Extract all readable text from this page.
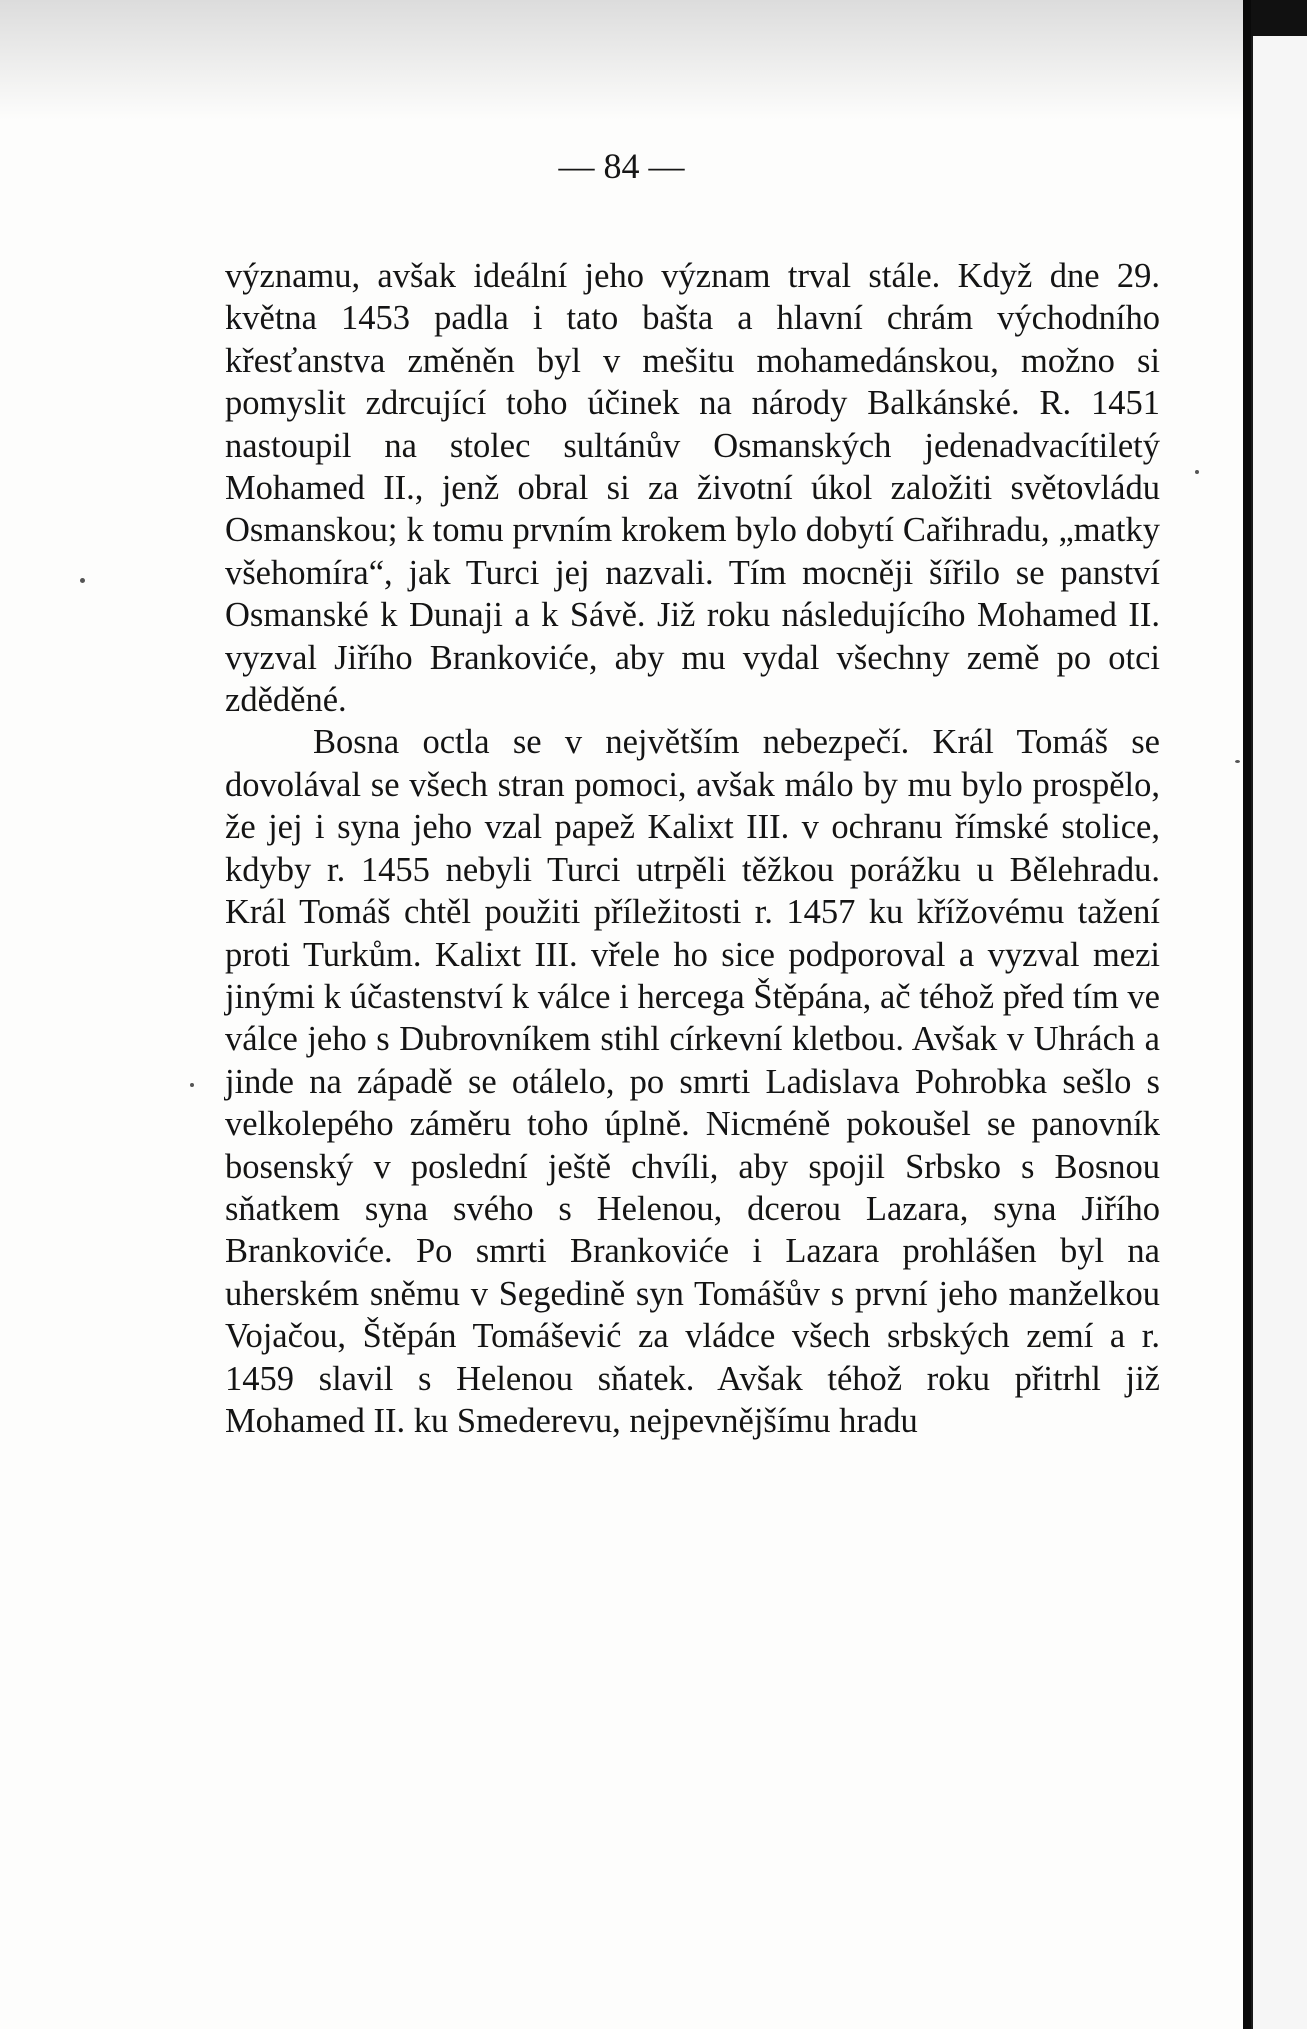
— 84 —

významu, avšak ideální jeho význam trval stále. Když dne 29. května 1453 padla i tato bašta a hlavní chrám východního křesťanstva změněn byl v mešitu mohamedánskou, možno si pomyslit zdrcující toho účinek na národy Balkánské. R. 1451 nastoupil na stolec sultánův Osmanských jedenadvacítiletý Mohamed II., jenž obral si za životní úkol založiti světovládu Osmanskou; k tomu prvním krokem bylo dobytí Cařihradu, „matky všehomíra“, jak Turci jej nazvali. Tím mocněji šířilo se panství Osmanské k Dunaji a k Sávě. Již roku následujícího Mohamed II. vyzval Jiřího Brankoviće, aby mu vydal všechny země po otci zděděné.

Bosna octla se v největším nebezpečí. Král Tomáš se dovolával se všech stran pomoci, avšak málo by mu bylo prospělo, že jej i syna jeho vzal papež Kalixt III. v ochranu římské stolice, kdyby r. 1455 nebyli Turci utrpěli těžkou porážku u Bělehradu. Král Tomáš chtěl použiti příležitosti r. 1457 ku křížovému tažení proti Turkům. Kalixt III. vřele ho sice podporoval a vyzval mezi jinými k účastenství k válce i hercega Štěpána, ač téhož před tím ve válce jeho s Dubrovníkem stihl církevní kletbou. Avšak v Uhrách a jinde na západě se otálelo, po smrti Ladislava Pohrobka sešlo s velkolepého záměru toho úplně. Nicméně pokoušel se panovník bosenský v poslední ještě chvíli, aby spojil Srbsko s Bosnou sňatkem syna svého s Helenou, dcerou Lazara, syna Jiřího Brankoviće. Po smrti Brankoviće i Lazara prohlášen byl na uherském sněmu v Segedině syn Tomášův s první jeho manželkou Vojačou, Štěpán Tomášević za vládce všech srbských zemí a r. 1459 slavil s Helenou sňatek. Avšak téhož roku přitrhl již Mohamed II. ku Smederevu, nejpevnějšímu hradu
